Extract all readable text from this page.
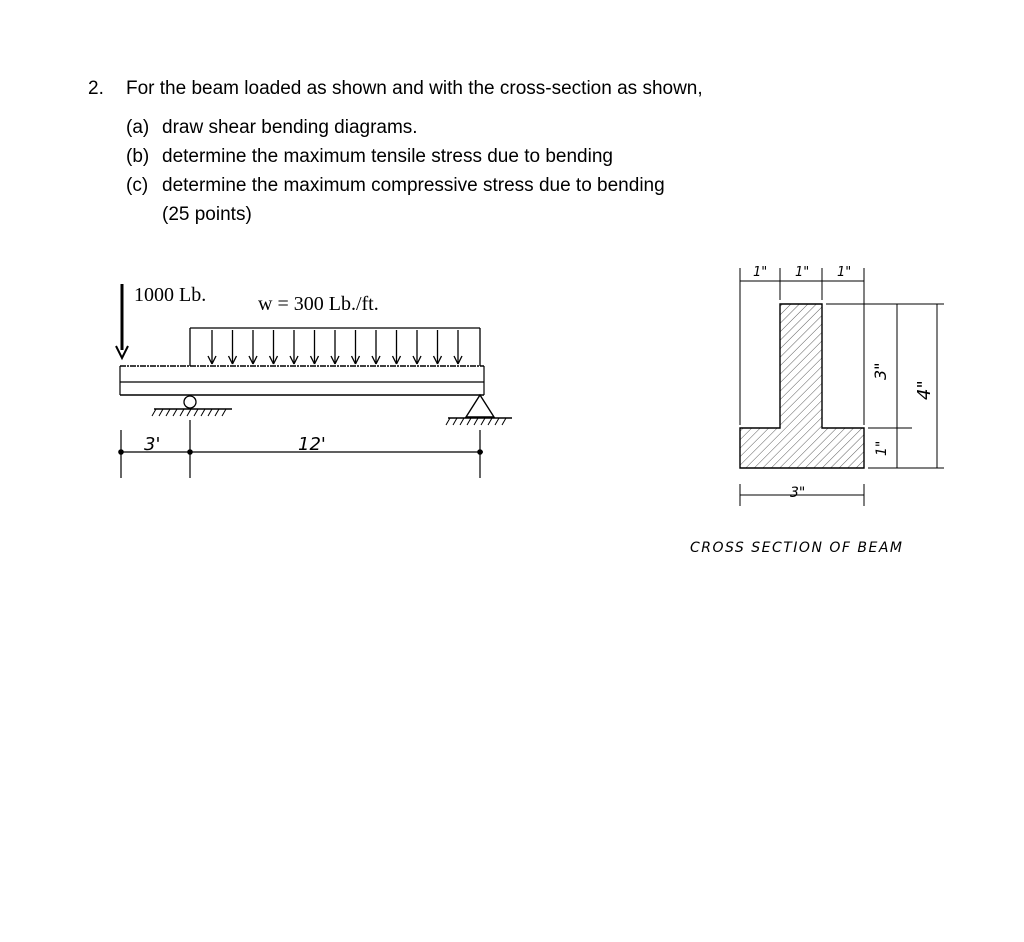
2. For the beam loaded as shown and with the cross-section as shown,
(a) draw shear bending diagrams.
(b) determine the maximum tensile stress due to bending
(c) determine the maximum compressive stress due to bending
(25 points)
1000 Lb.	w = 300 Lb./ft.
3'	12'
1" 1" 1"
3"
3"
1"
4"
CROSS SECTION OF BEAM
